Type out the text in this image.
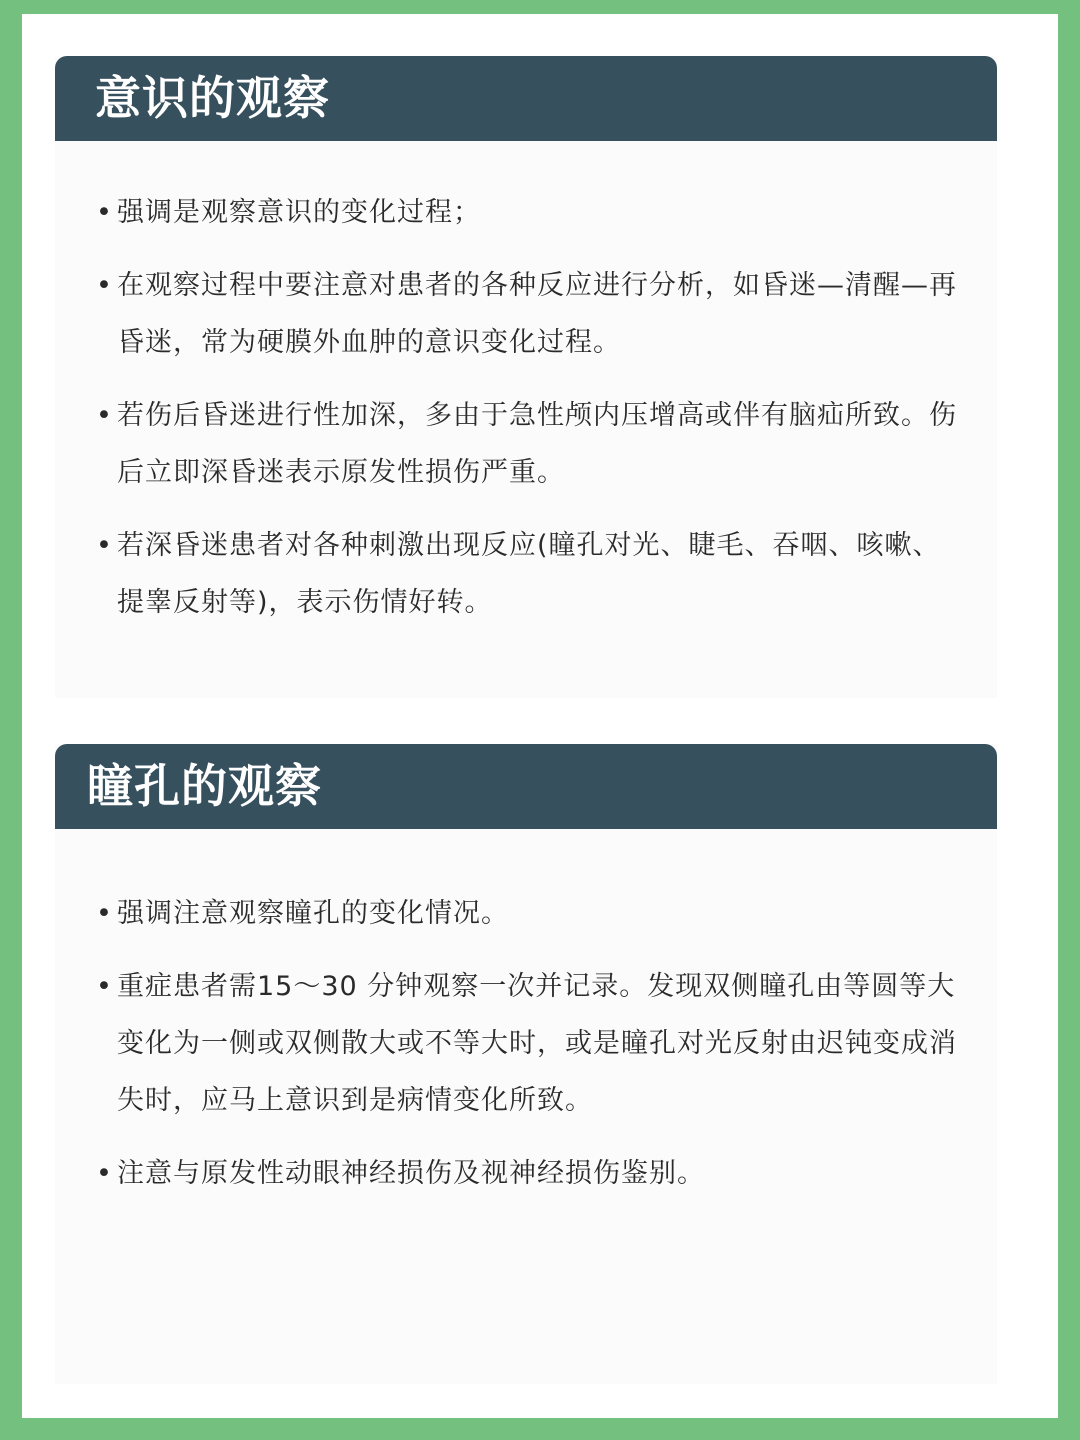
意识的观察
• 强调是观察意识的变化过程；
• 在观察过程中要注意对患者的各种反应进行分析，如昏迷—清醒—再昏迷，常为硬膜外血肿的意识变化过程。
• 若伤后昏迷进行性加深，多由于急性颅内压增高或伴有脑疝所致。伤后立即深昏迷表示原发性损伤严重。
• 若深昏迷患者对各种刺激出现反应(瞳孔对光、睫毛、吞咽、咳嗽、提睾反射等)，表示伤情好转。
瞳孔的观察
• 强调注意观察瞳孔的变化情况。
• 重症患者需15～30 分钟观察一次并记录。发现双侧瞳孔由等圆等大变化为一侧或双侧散大或不等大时，或是瞳孔对光反射由迟钝变成消失时，应马上意识到是病情变化所致。
• 注意与原发性动眼神经损伤及视神经损伤鉴别。
